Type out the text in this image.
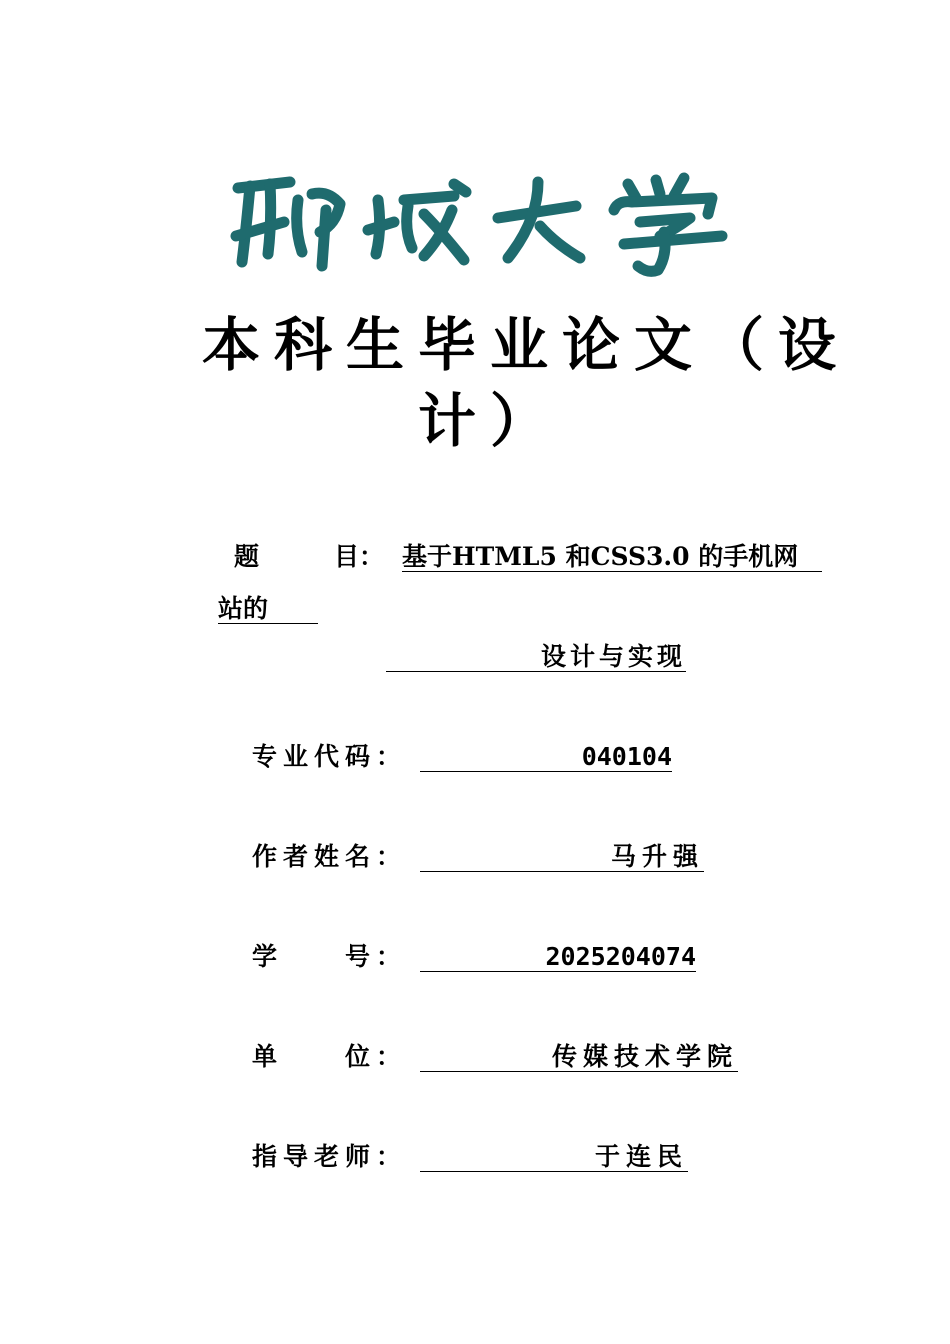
本科生毕业论文（设
计）
题　　　目： 基于HTML5 和CSS3.0 的手机网
站的
设计与实现
专业代码：	040104
作者姓名：	马升强
学　　号：	2025204074
单　　位：	传媒技术学院
指导老师：	于连民
